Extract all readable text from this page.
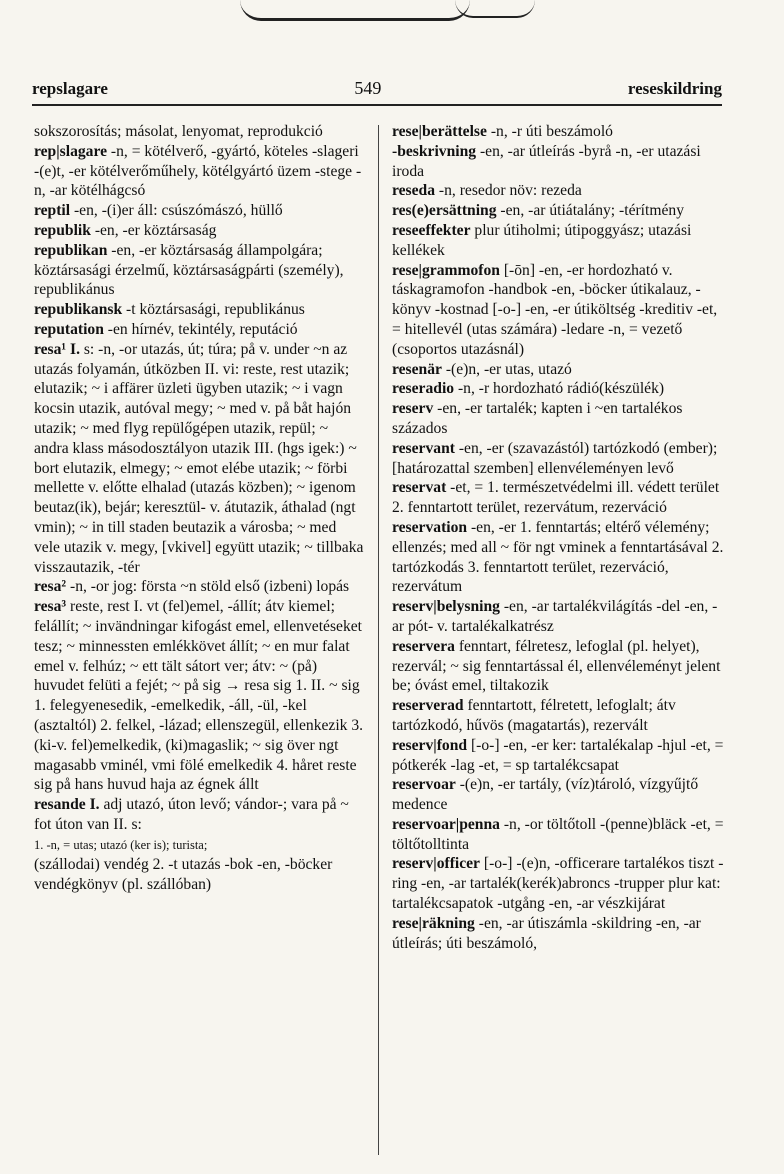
repslagare	549	reseskildring

sokszorosítás; másolat, lenyomat, reprodukció

rep|slagare -n, = kötélverő, -gyártó, köteles -slageri -(e)t, -er kötélverőműhely, kötélgyártó üzem -stege -n, -ar kötélhágcsó

reptil -en, -(i)er áll: csúszómászó, hüllő

republik -en, -er köztársaság

republikan -en, -er köztársaság állampolgára; köztársasági érzelmű, köztársaságpárti (személy), republikánus

republikansk -t köztársasági, republikánus

reputation -en hírnév, tekintély, reputáció

resa¹ I. s: -n, -or utazás, út; túra; på v. under ~n az utazás folyamán, útközben II. vi: reste, rest utazik; elutazik; ~ i affärer üzleti ügyben utazik; ~ i vagn kocsin utazik, autóval megy; ~ med v. på båt hajón utazik; ~ med flyg repülőgépen utazik, repül; ~ andra klass másodosztályon utazik III. (hgs igek:) ~ bort elutazik, elmegy; ~ emot elébe utazik; ~ förbi mellette v. előtte elhalad (utazás közben); ~ igenom beutaz(ik), bejár; keresztül- v. átutazik, áthalad (ngt vmin); ~ in till staden beutazik a városba; ~ med vele utazik v. megy, [vkivel] együtt utazik; ~ tillbaka visszautazik, -tér

resa² -n, -or jog: första ~n stöld első (izbeni) lopás

resa³ reste, rest I. vt (fel)emel, -állít; átv kiemel; felállít; ~ invändningar kifogást emel, ellenvetéseket tesz; ~ minnessten emlékkövet állít; ~ en mur falat emel v. felhúz; ~ ett tält sátort ver; átv: ~ (på) huvudet felüti a fejét; ~ på sig → resa sig 1. II. ~ sig 1. felegyenesedik, -emelkedik, -áll, -ül, -kel (asztaltól) 2. felkel, -lázad; ellenszegül, ellenkezik 3. (ki-v. fel)emelkedik, (ki)magaslik; ~ sig över ngt magasabb vminél, vmi fölé emelkedik 4. håret reste sig på hans huvud haja az égnek állt

resande I. adj utazó, úton levő; vándor-; vara på ~ fot úton van II. s:

1. -n, = utas; utazó (ker is); turista;

(szállodai) vendég 2. -t utazás -bok -en, -böcker vendégkönyv (pl. szállóban)

rese|berättelse -n, -r úti beszámoló

-beskrivning -en, -ar útleírás -byrå -n, -er utazási iroda

reseda -n, resedor növ: rezeda

res(e)ersättning -en, -ar útiátalány; -térítmény

reseeffekter plur útiholmi; útipoggyász; utazási kellékek

rese|grammofon [-ōn] -en, -er hordozható v. táskagramofon -handbok -en, -böcker útikalauz, -könyv -kostnad [-o-] -en, -er útiköltség -kreditiv -et, = hitellevél (utas számára) -ledare -n, = vezető (csoportos utazásnál)

resenär -(e)n, -er utas, utazó

reseradio -n, -r hordozható rádió(készülék)

reserv -en, -er tartalék; kapten i ~en tartalékos százados

reservant -en, -er (szavazástól) tartózkodó (ember); [határozattal szemben] ellenvéleményen levő

reservat -et, = 1. természetvédelmi ill. védett terület 2. fenntartott terület, rezervátum, rezerváció

reservation -en, -er 1. fenntartás; eltérő vélemény; ellenzés; med all ~ för ngt vminek a fenntartásával 2. tartózkodás 3. fenntartott terület, rezerváció, rezervátum

reserv|belysning -en, -ar tartalékvilágítás -del -en, -ar pót- v. tartalékalkatrész

reservera fenntart, félretesz, lefoglal (pl. helyet), rezervál; ~ sig fenntartással él, ellenvéleményt jelent be; óvást emel, tiltakozik

reserverad fenntartott, félretett, lefoglalt; átv tartózkodó, hűvös (magatartás), rezervált

reserv|fond [-o-] -en, -er ker: tartalékalap -hjul -et, = pótkerék -lag -et, = sp tartalékcsapat

reservoar -(e)n, -er tartály, (víz)tároló, vízgyűjtő medence

reservoar|penna -n, -or töltőtoll -(penne)bläck -et, = töltőtolltinta

reserv|officer [-o-] -(e)n, -officerare tartalékos tiszt -ring -en, -ar tartalék(kerék)abroncs -trupper plur kat: tartalékcsapatok -utgång -en, -ar vészkijárat

rese|räkning -en, -ar útiszámla -skildring -en, -ar útleírás; úti beszámoló,
